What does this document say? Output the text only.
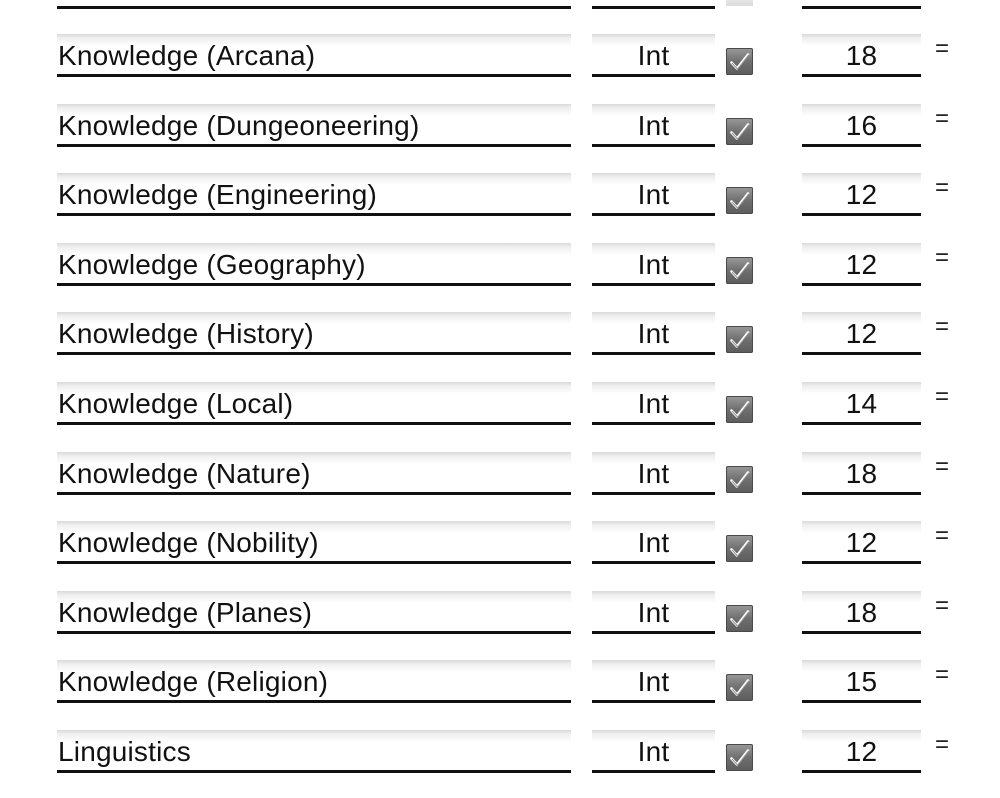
Knowledge (Arcana)	Int	18	=
Knowledge (Dungeoneering)	Int	16	=
Knowledge (Engineering)	Int	12	=
Knowledge (Geography)	Int	12	=
Knowledge (History)	Int	12	=
Knowledge (Local)	Int	14	=
Knowledge (Nature)	Int	18	=
Knowledge (Nobility)	Int	12	=
Knowledge (Planes)	Int	18	=
Knowledge (Religion)	Int	15	=
Linguistics	Int	12	=
